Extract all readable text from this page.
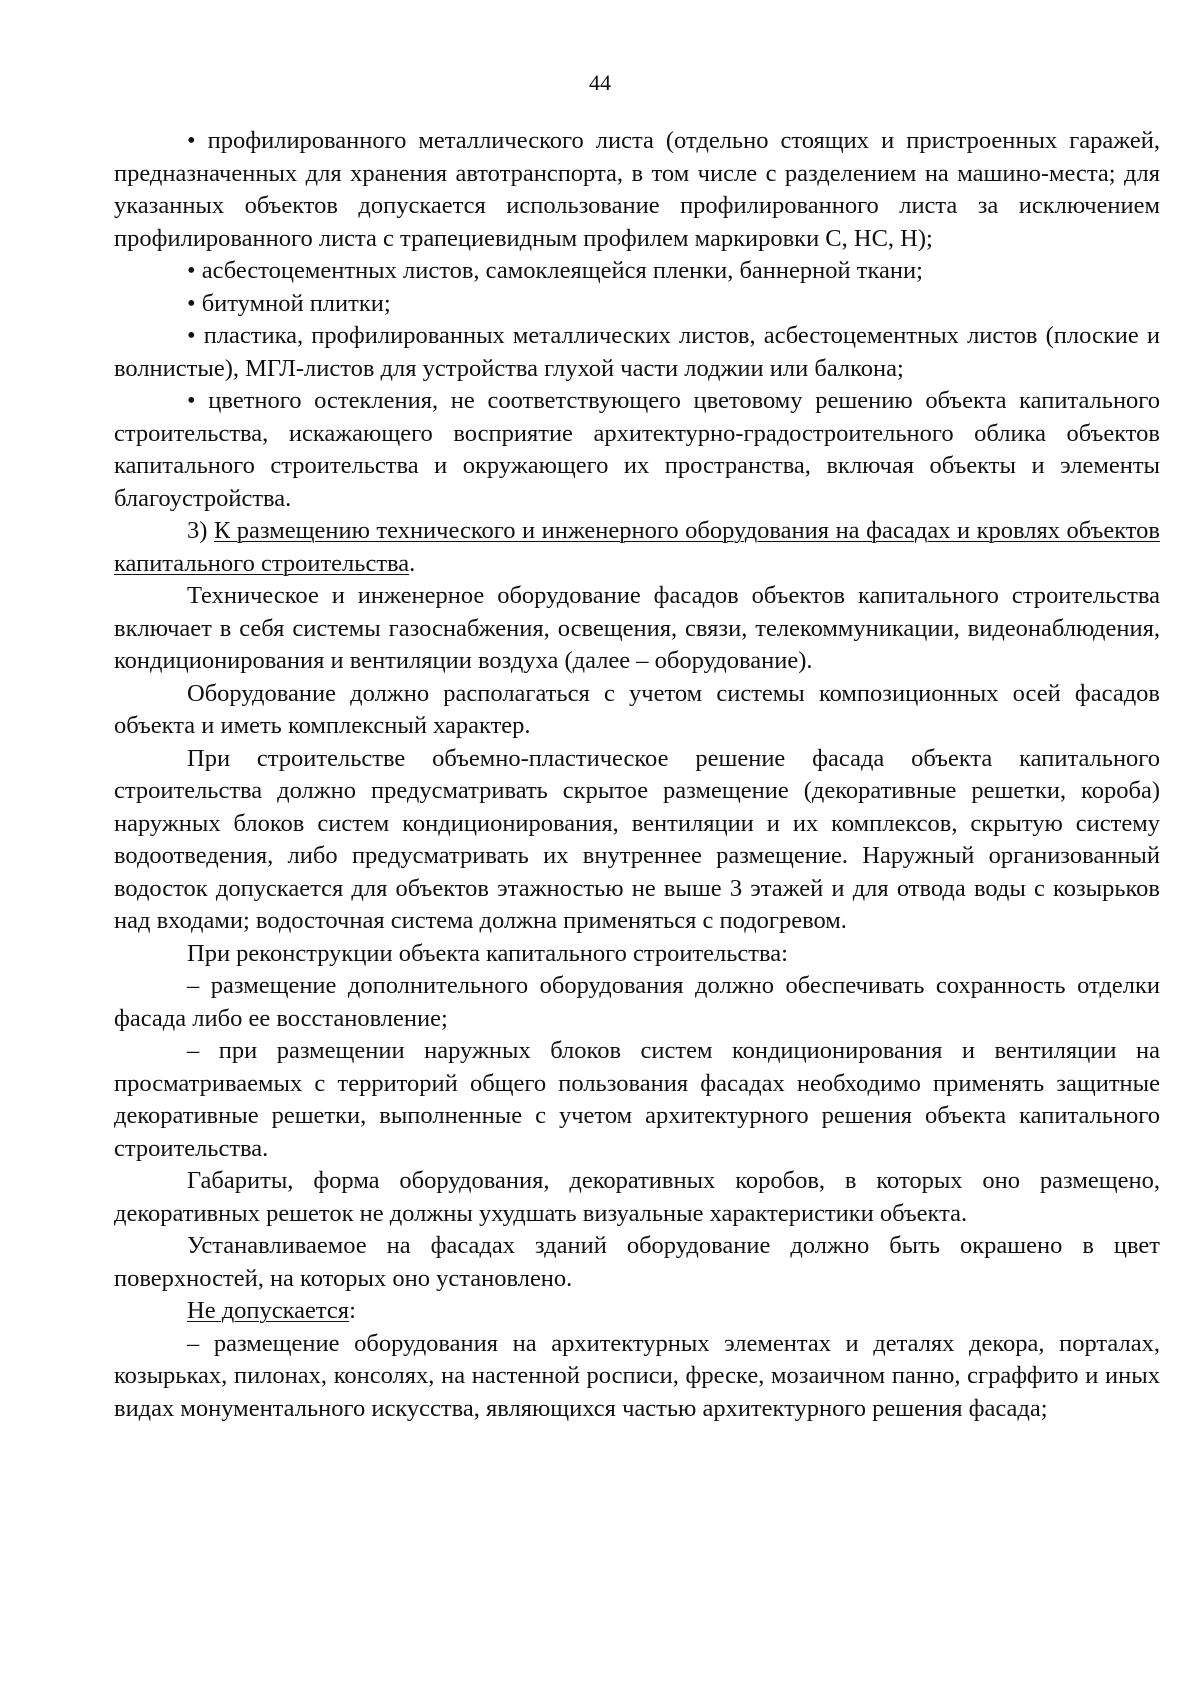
44

• профилированного металлического листа (отдельно стоящих и пристроенных гаражей, предназначенных для хранения автотранспорта, в том числе с разделением на машино-места; для указанных объектов допускается использование профилированного листа за исключением профилированного листа с трапециевидным профилем маркировки С, НС, Н);

• асбестоцементных листов, самоклеящейся пленки, баннерной ткани;

• битумной плитки;

• пластика, профилированных металлических листов, асбестоцементных листов (плоские и волнистые), МГЛ-листов для устройства глухой части лоджии или балкона;

• цветного остекления, не соответствующего цветовому решению объекта капитального строительства, искажающего восприятие архитектурно-градостроительного облика объектов капитального строительства и окружающего их пространства, включая объекты и элементы благоустройства.

3) К размещению технического и инженерного оборудования на фасадах и кровлях объектов капитального строительства.

Техническое и инженерное оборудование фасадов объектов капитального строительства включает в себя системы газоснабжения, освещения, связи, телекоммуникации, видеонаблюдения, кондиционирования и вентиляции воздуха (далее – оборудование).

Оборудование должно располагаться с учетом системы композиционных осей фасадов объекта и иметь комплексный характер.

При строительстве объемно-пластическое решение фасада объекта капитального строительства должно предусматривать скрытое размещение (декоративные решетки, короба) наружных блоков систем кондиционирования, вентиляции и их комплексов, скрытую систему водоотведения, либо предусматривать их внутреннее размещение. Наружный организованный водосток допускается для объектов этажностью не выше 3 этажей и для отвода воды с козырьков над входами; водосточная система должна применяться с подогревом.

При реконструкции объекта капитального строительства:

– размещение дополнительного оборудования должно обеспечивать сохранность отделки фасада либо ее восстановление;

– при размещении наружных блоков систем кондиционирования и вентиляции на просматриваемых с территорий общего пользования фасадах необходимо применять защитные декоративные решетки, выполненные с учетом архитектурного решения объекта капитального строительства.

Габариты, форма оборудования, декоративных коробов, в которых оно размещено, декоративных решеток не должны ухудшать визуальные характеристики объекта.

Устанавливаемое на фасадах зданий оборудование должно быть окрашено в цвет поверхностей, на которых оно установлено.

Не допускается:

– размещение оборудования на архитектурных элементах и деталях декора, порталах, козырьках, пилонах, консолях, на настенной росписи, фреске, мозаичном панно, сграффито и иных видах монументального искусства, являющихся частью архитектурного решения фасада;
